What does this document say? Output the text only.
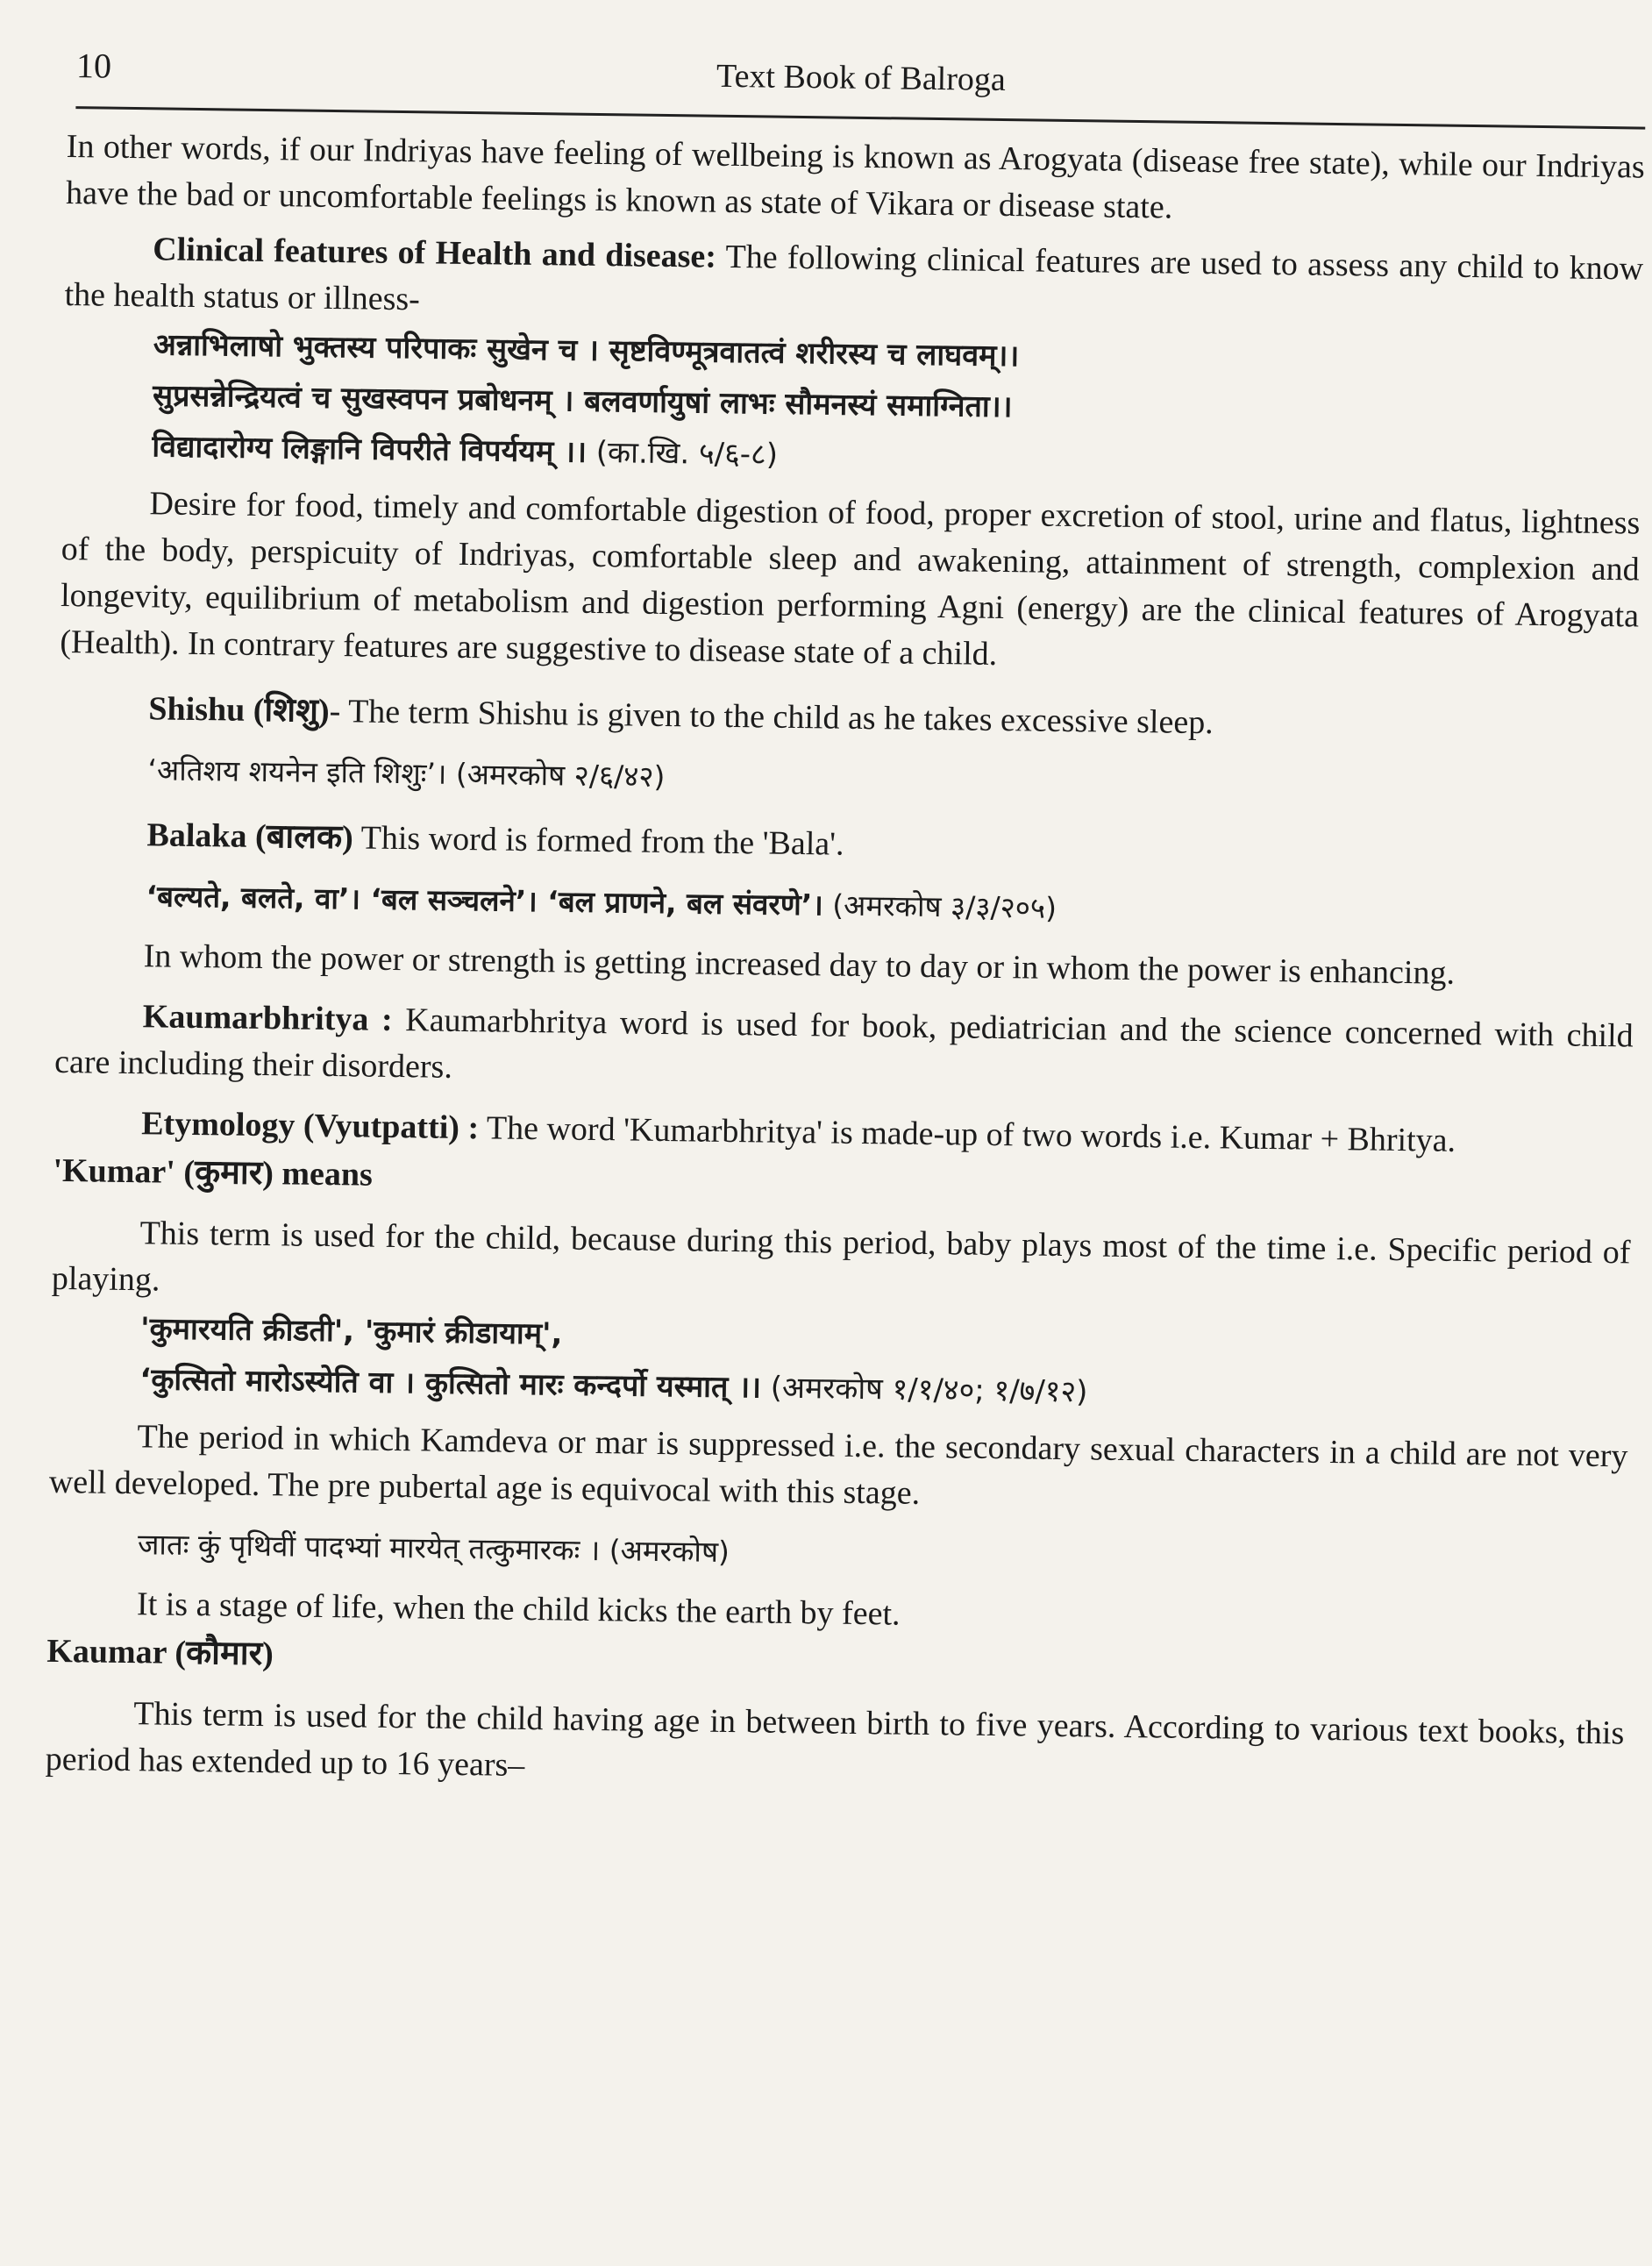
10	Text Book of Balroga

In other words, if our Indriyas have feeling of wellbeing is known as Arogyata (disease free state), while our Indriyas have the bad or uncomfortable feelings is known as state of Vikara or disease state.

Clinical features of Health and disease: The following clinical features are used to assess any child to know the health status or illness-

अन्नाभिलाषो भुक्तस्य परिपाकः सुखेन च । सृष्टविण्मूत्रवातत्वं शरीरस्य च लाघवम्।।
सुप्रसन्नेन्द्रियत्वं च सुखस्वपन प्रबोधनम् । बलवर्णायुषां लाभः सौमनस्यं समाग्निता।।
विद्यादारोग्य लिङ्गानि विपरीते विपर्ययम् ।। (का.खि. ५/६-८)

Desire for food, timely and comfortable digestion of food, proper excretion of stool, urine and flatus, lightness of the body, perspicuity of Indriyas, comfortable sleep and awakening, attainment of strength, complexion and longevity, equilibrium of metabolism and digestion performing Agni (energy) are the clinical features of Arogyata (Health). In contrary features are suggestive to disease state of a child.

Shishu (शिशु)- The term Shishu is given to the child as he takes excessive sleep.

‘अतिशय शयनेन इति शिशुः’। (अमरकोष २/६/४२)

Balaka (बालक) This word is formed from the 'Bala'.

‘बल्यते, बलते, वा’। ‘बल सञ्चलने’। ‘बल प्राणने, बल संवरणे’। (अमरकोष ३/३/२०५)

In whom the power or strength is getting increased day to day or in whom the power is enhancing.

Kaumarbhritya : Kaumarbhritya word is used for book, pediatrician and the science concerned with child care including their disorders.

Etymology (Vyutpatti) : The word 'Kumarbhritya' is made-up of two words i.e. Kumar + Bhritya.

'Kumar' (कुमार) means

This term is used for the child, because during this period, baby plays most of the time i.e. Specific period of playing.

'कुमारयति क्रीडती', 'कुमारं क्रीडायाम्',
‘कुत्सितो मारोऽस्येति वा । कुत्सितो मारः कन्दर्पो यस्मात् ।। (अमरकोष १/१/४०; १/७/१२)

The period in which Kamdeva or mar is suppressed i.e. the secondary sexual characters in a child are not very well developed. The pre pubertal age is equivocal with this stage.

जातः कुं पृथिवीं पादभ्यां मारयेत् तत्कुमारकः । (अमरकोष)

It is a stage of life, when the child kicks the earth by feet.

Kaumar (कौमार)

This term is used for the child having age in between birth to five years. According to various text books, this period has extended up to 16 years–
